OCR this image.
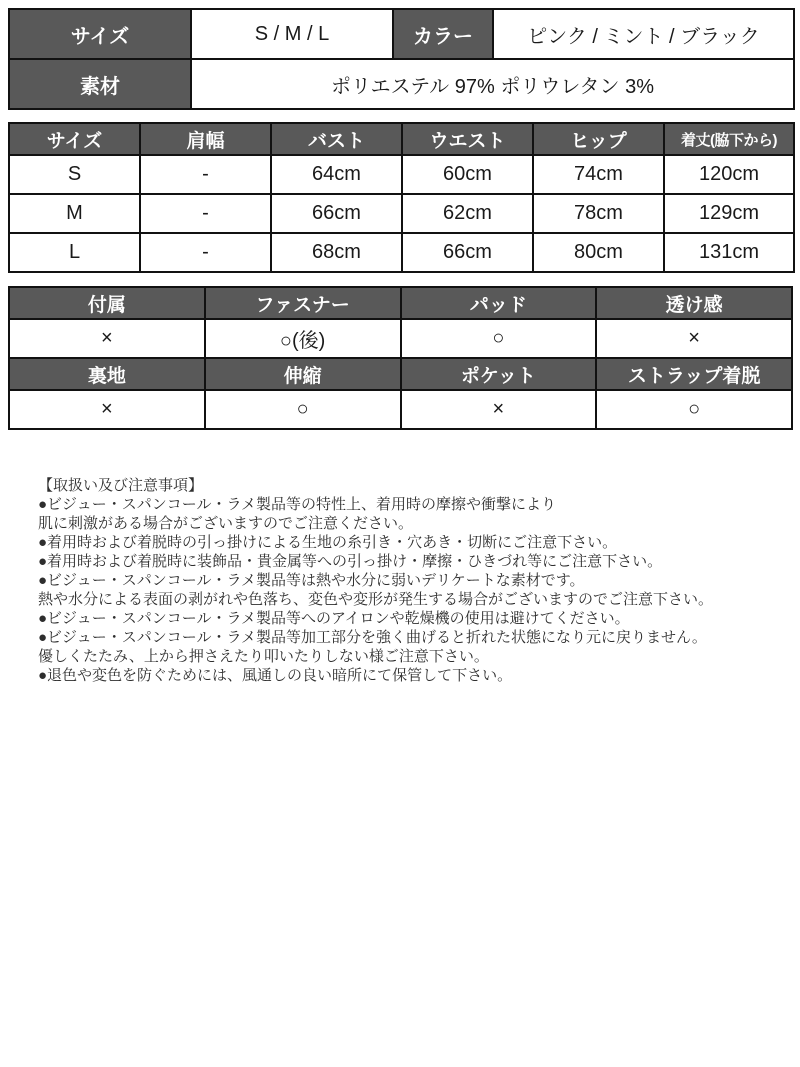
サイズ	S / M / L	カラー	ピンク / ミント / ブラック
素材	ポリエステル 97% ポリウレタン 3%		
サイズ	肩幅	バスト	ウエスト	ヒップ	着丈(脇下から)
S	-	64cm	60cm	74cm	120cm
M	-	66cm	62cm	78cm	129cm
L	-	68cm	66cm	80cm	131cm
付属	ファスナー	パッド	透け感
×	○(後)	○	×
裏地	伸縮	ポケット	ストラップ着脱
×	○	×	○
【取扱い及び注意事項】
●ビジュー・スパンコール・ラメ製品等の特性上、着用時の摩擦や衝撃により
肌に刺激がある場合がございますのでご注意ください。
●着用時および着脱時の引っ掛けによる生地の糸引き・穴あき・切断にご注意下さい。
●着用時および着脱時に装飾品・貴金属等への引っ掛け・摩擦・ひきづれ等にご注意下さい。
●ビジュー・スパンコール・ラメ製品等は熱や水分に弱いデリケートな素材です。
熱や水分による表面の剥がれや色落ち、変色や変形が発生する場合がございますのでご注意下さい。
●ビジュー・スパンコール・ラメ製品等へのアイロンや乾燥機の使用は避けてください。
●ビジュー・スパンコール・ラメ製品等加工部分を強く曲げると折れた状態になり元に戻りません。
優しくたたみ、上から押さえたり叩いたりしない様ご注意下さい。
●退色や変色を防ぐためには、風通しの良い暗所にて保管して下さい。
